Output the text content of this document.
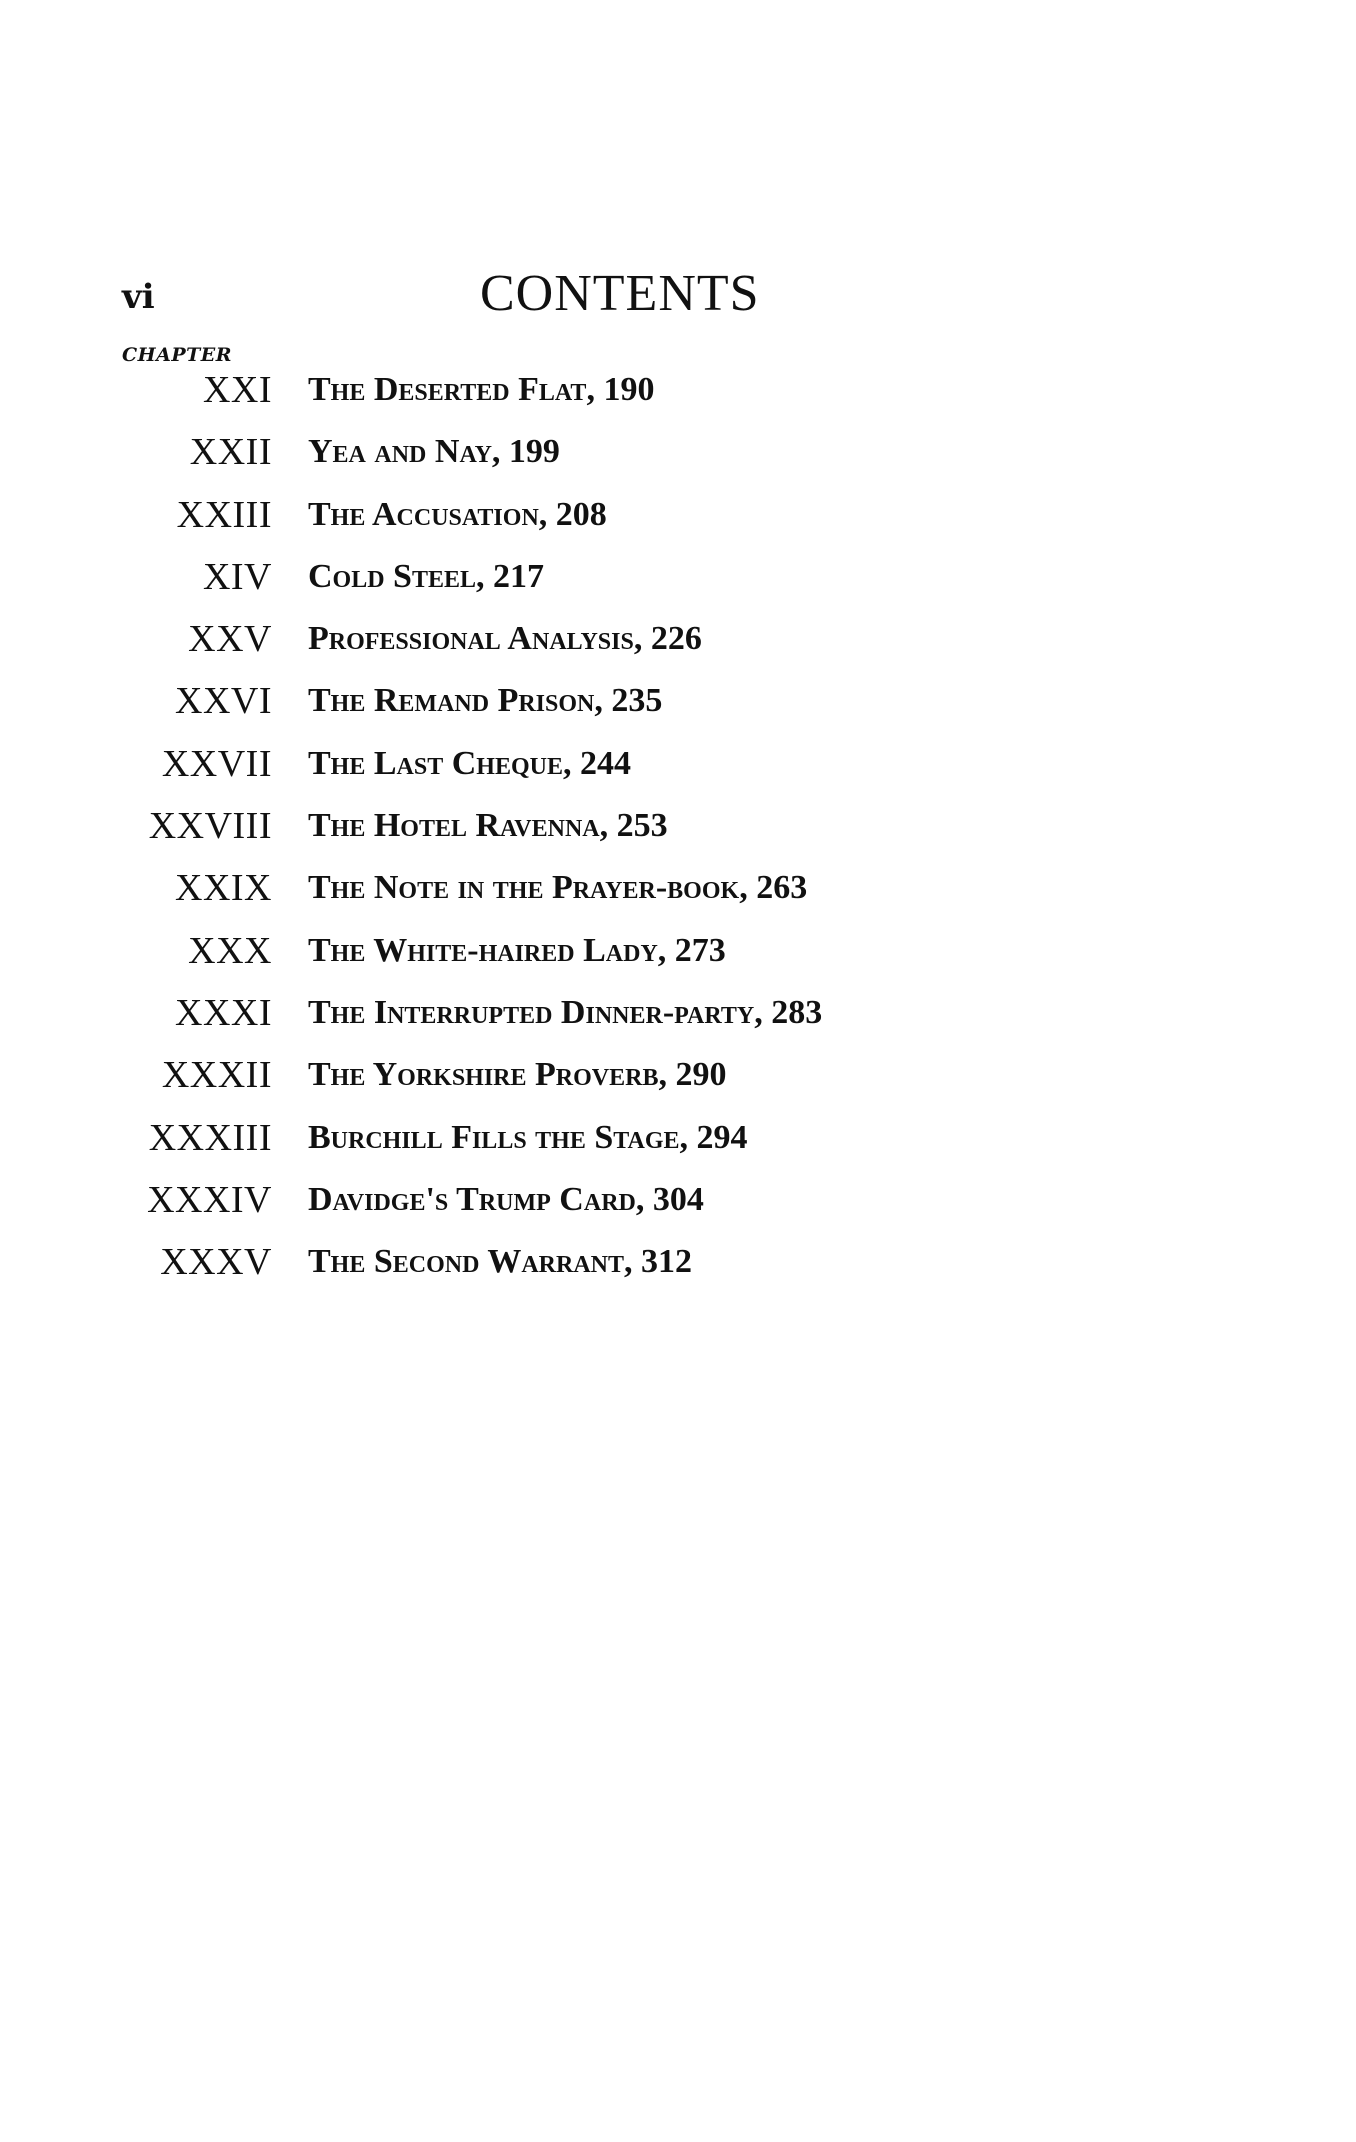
vi	CONTENTS
CHAPTER
XXI The Deserted Flat, 190
XXII Yea and Nay, 199
XXIII The Accusation, 208
XIV Cold Steel, 217
XXV Professional Analysis, 226
XXVI The Remand Prison, 235
XXVII The Last Cheque, 244
XXVIII The Hotel Ravenna, 253
XXIX The Note in the Prayer-book, 263
XXX The White-haired Lady, 273
XXXI The Interrupted Dinner-party, 283
XXXII The Yorkshire Proverb, 290
XXXIII Burchill Fills the Stage, 294
XXXIV Davidge's Trump Card, 304
XXXV The Second Warrant, 312
